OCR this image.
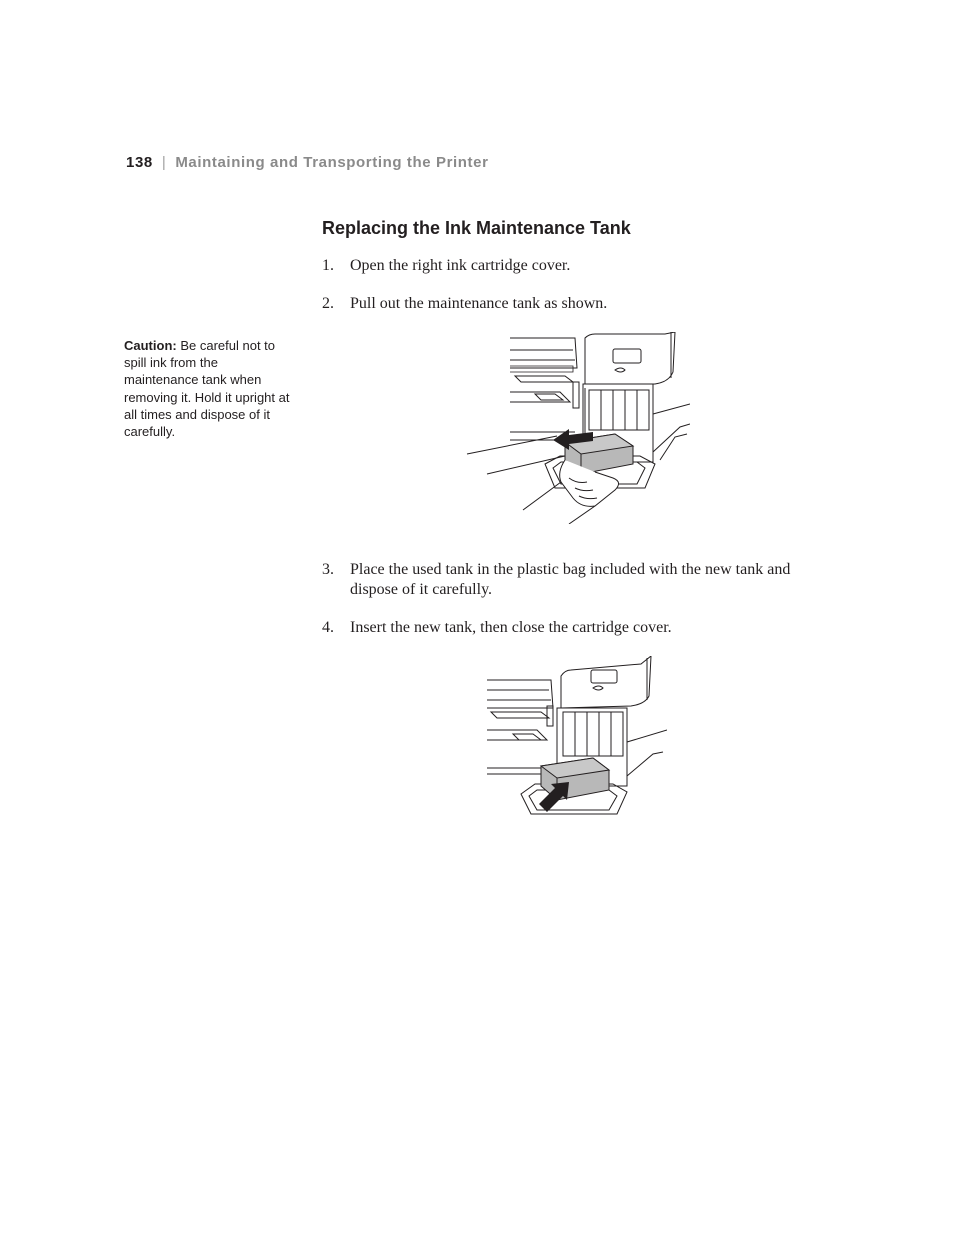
138 | Maintaining and Transporting the Printer
Replacing the Ink Maintenance Tank
1. Open the right ink cartridge cover.
2. Pull out the maintenance tank as shown.
Caution: Be careful not to spill ink from the maintenance tank when removing it. Hold it upright at all times and dispose of it carefully.
3. Place the used tank in the plastic bag included with the new tank and dispose of it carefully.
4. Insert the new tank, then close the cartridge cover.
